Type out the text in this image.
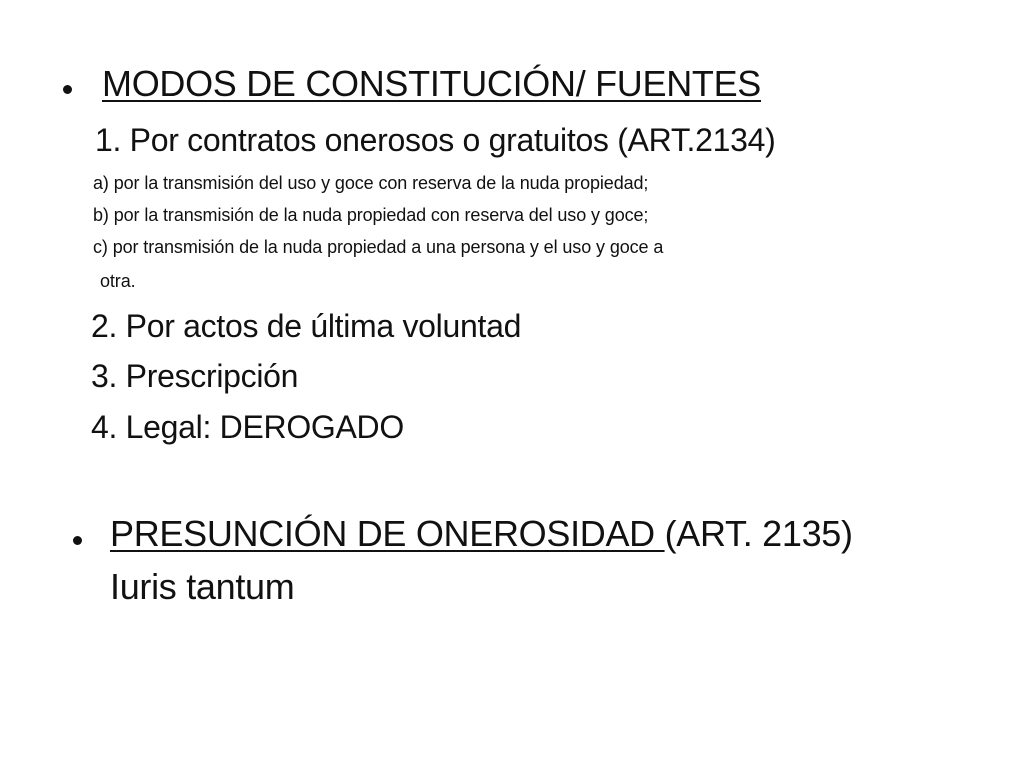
MODOS DE CONSTITUCIÓN/ FUENTES
1. Por contratos onerosos o gratuitos (ART.2134)
a) por la transmisión del uso y goce con reserva de la nuda propiedad;
b) por la transmisión de la nuda propiedad con reserva del uso y goce;
c) por transmisión de la nuda propiedad a una persona y el uso y goce a
otra.
2. Por actos de última voluntad
3. Prescripción
4. Legal: DEROGADO
PRESUNCIÓN DE ONEROSIDAD (ART. 2135)
Iuris tantum
